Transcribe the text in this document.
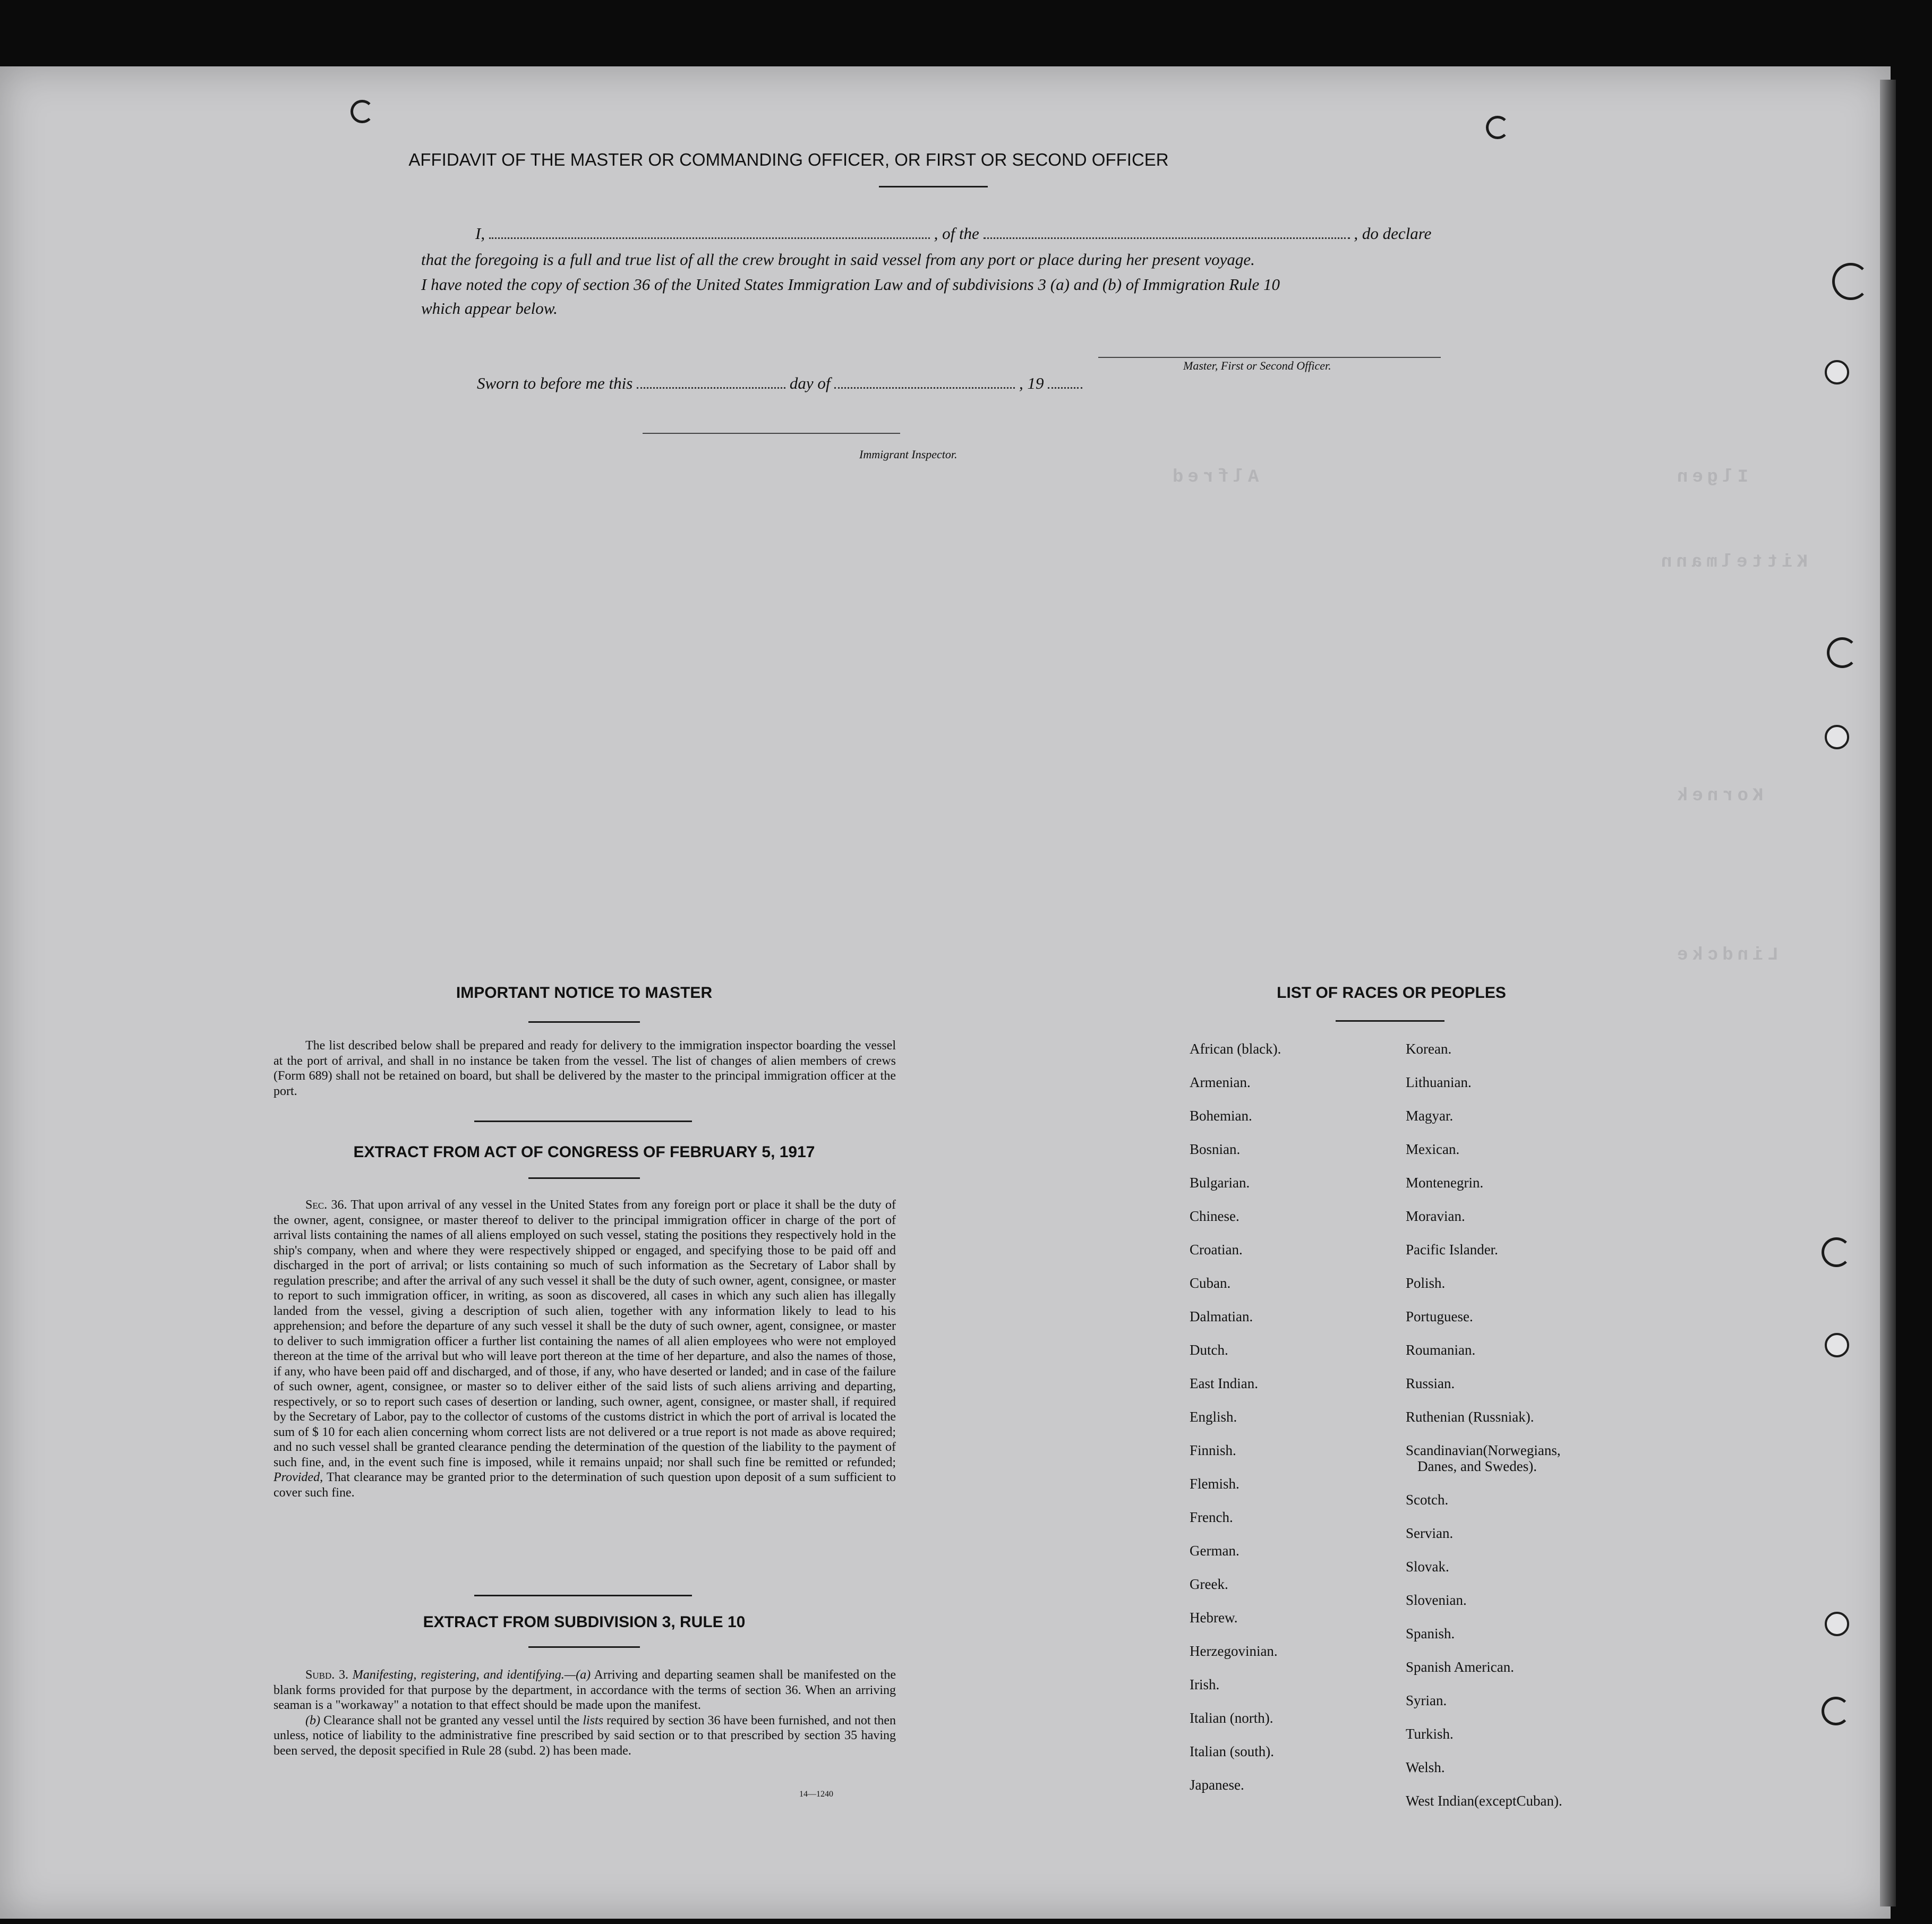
Alfred	Ilgen
Kittelmann
Kornek
Lindcke
AFFIDAVIT OF THE MASTER OR COMMANDING OFFICER, OR FIRST OR SECOND OFFICER
I,	, of the	, do declare
that the foregoing is a full and true list of all the crew brought in said vessel from any port or place during her present voyage.
I have noted the copy of section 36 of the United States Immigration Law and of subdivisions 3 (a) and (b) of Immigration Rule 10
which appear below.
Master, First or Second Officer.
Sworn to before me this	day of	, 19
Immigrant Inspector.
IMPORTANT NOTICE TO MASTER

The list described below shall be prepared and ready for delivery to the immigration inspector boarding the vessel at the port of arrival, and shall in no instance be taken from the vessel. The list of changes of alien members of crews (Form 689) shall not be retained on board, but shall be delivered by the master to the principal immigration officer at the port.

EXTRACT FROM ACT OF CONGRESS OF FEBRUARY 5, 1917

Sec. 36. That upon arrival of any vessel in the United States from any foreign port or place it shall be the duty of the owner, agent, consignee, or master thereof to deliver to the principal immigration officer in charge of the port of arrival lists containing the names of all aliens employed on such vessel, stating the positions they respectively hold in the ship's company, when and where they were respectively shipped or engaged, and specifying those to be paid off and discharged in the port of arrival; or lists containing so much of such information as the Secretary of Labor shall by regulation prescribe; and after the arrival of any such vessel it shall be the duty of such owner, agent, consignee, or master to report to such immigration officer, in writing, as soon as discovered, all cases in which any such alien has illegally landed from the vessel, giving a description of such alien, together with any information likely to lead to his apprehension; and before the departure of any such vessel it shall be the duty of such owner, agent, consignee, or master to deliver to such immigration officer a further list containing the names of all alien employees who were not employed thereon at the time of the arrival but who will leave port thereon at the time of her departure, and also the names of those, if any, who have been paid off and discharged, and of those, if any, who have deserted or landed; and in case of the failure of such owner, agent, consignee, or master so to deliver either of the said lists of such aliens arriving and departing, respectively, or so to report such cases of desertion or landing, such owner, agent, consignee, or master shall, if required by the Secretary of Labor, pay to the collector of customs of the customs district in which the port of arrival is located the sum of $ 10 for each alien concerning whom correct lists are not delivered or a true report is not made as above required; and no such vessel shall be granted clearance pending the determination of the question of the liability to the payment of such fine, and, in the event such fine is imposed, while it remains unpaid; nor shall such fine be remitted or refunded; Provided, That clearance may be granted prior to the determination of such question upon deposit of a sum sufficient to cover such fine.

EXTRACT FROM SUBDIVISION 3, RULE 10

Subd. 3. Manifesting, registering, and identifying.—(a) Arriving and departing seamen shall be manifested on the blank forms provided for that purpose by the department, in accordance with the terms of section 36. When an arriving seaman is a "workaway" a notation to that effect should be made upon the manifest.

(b) Clearance shall not be granted any vessel until the lists required by section 36 have been furnished, and not then unless, notice of liability to the administrative fine prescribed by said section or to that prescribed by section 35 having been served, the deposit specified in Rule 28 (subd. 2) has been made.

14—1240
LIST OF RACES OR PEOPLES
African (black).
Armenian.
Bohemian.
Bosnian.
Bulgarian.
Chinese.
Croatian.
Cuban.
Dalmatian.
Dutch.
East Indian.
English.
Finnish.
Flemish.
French.
German.
Greek.
Hebrew.
Herzegovinian.
Irish.
Italian (north).
Italian (south).
Japanese.
Korean.
Lithuanian.
Magyar.
Mexican.
Montenegrin.
Moravian.
Pacific Islander.
Polish.
Portuguese.
Roumanian.
Russian.
Ruthenian (Russniak).
Scandinavian(Norwegians,
Danes, and Swedes).
Scotch.
Servian.
Slovak.
Slovenian.
Spanish.
Spanish American.
Syrian.
Turkish.
Welsh.
West Indian(exceptCuban).
